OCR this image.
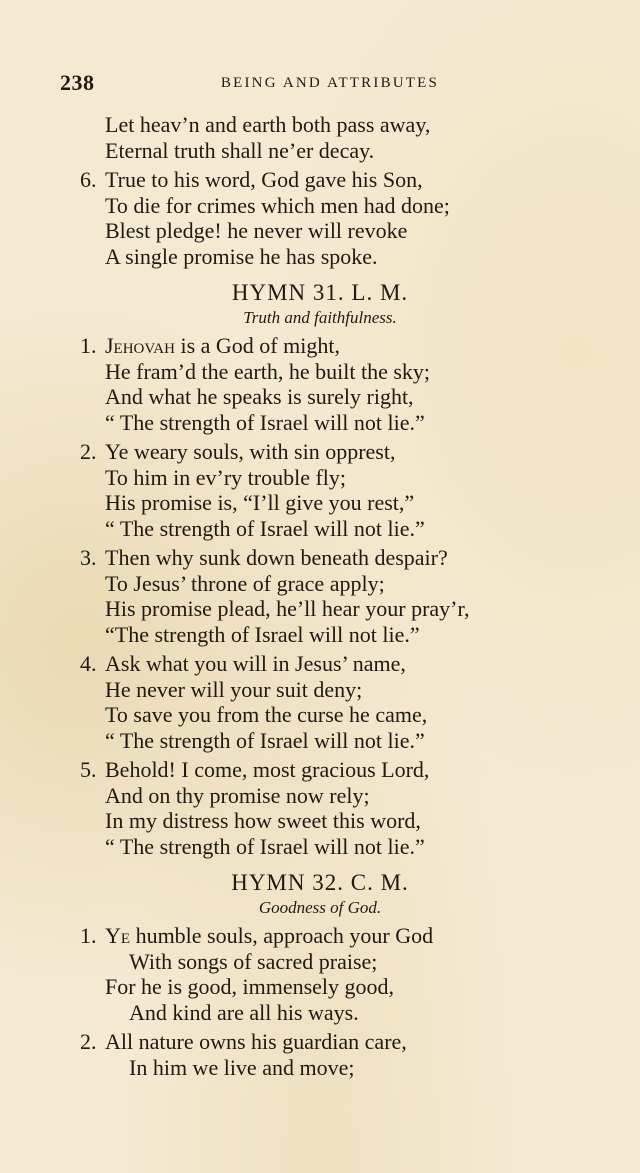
238	BEING AND ATTRIBUTES
Let heav’n and earth both pass away,
Eternal truth shall ne’er decay.
6. True to his word, God gave his Son,
To die for crimes which men had done;
Blest pledge! he never will revoke
A single promise he has spoke.
HYMN 31. L. M.
Truth and faithfulness.
1. Jehovah is a God of might,
He fram’d the earth, he built the sky;
And what he speaks is surely right,
“ The strength of Israel will not lie.”
2. Ye weary souls, with sin opprest,
To him in ev’ry trouble fly;
His promise is, “I’ll give you rest,”
“ The strength of Israel will not lie.”
3. Then why sunk down beneath despair?
To Jesus’ throne of grace apply;
His promise plead, he’ll hear your pray’r,
“The strength of Israel will not lie.”
4. Ask what you will in Jesus’ name,
He never will your suit deny;
To save you from the curse he came,
“ The strength of Israel will not lie.”
5. Behold! I come, most gracious Lord,
And on thy promise now rely;
In my distress how sweet this word,
“ The strength of Israel will not lie.”
HYMN 32. C. M.
Goodness of God.
1. Ye humble souls, approach your God
With songs of sacred praise;
For he is good, immensely good,
And kind are all his ways.
2. All nature owns his guardian care,
In him we live and move;
